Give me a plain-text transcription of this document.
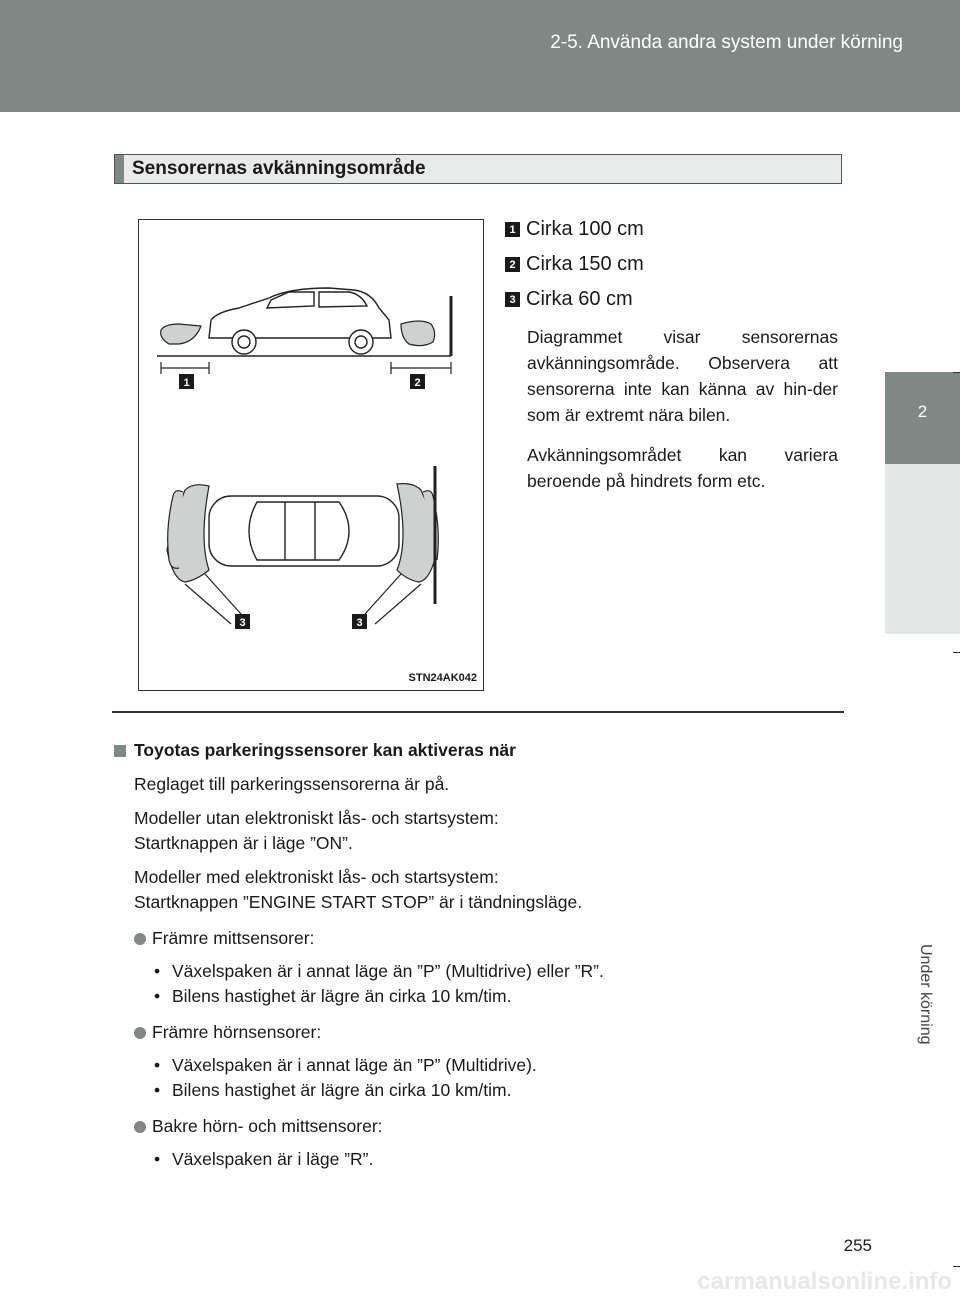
2-5. Använda andra system under körning
2
Under körning
Sensorernas avkänningsområde
1	2
3	3
STN24AK042
1 Cirka 100 cm
2 Cirka 150 cm
3 Cirka 60 cm
Diagrammet visar sensorernas avkänningsområde. Observera att sensorerna inte kan känna av hin-der som är extremt nära bilen.
Avkänningsområdet kan variera beroende på hindrets form etc.
Toyotas parkeringssensorer kan aktiveras när
Reglaget till parkeringssensorerna är på.
Modeller utan elektroniskt lås- och startsystem:
Startknappen är i läge ”ON”.
Modeller med elektroniskt lås- och startsystem:
Startknappen ”ENGINE START STOP” är i tändningsläge.
Främre mittsensorer:
• Växelspaken är i annat läge än ”P” (Multidrive) eller ”R”.
• Bilens hastighet är lägre än cirka 10 km/tim.
Främre hörnsensorer:
• Växelspaken är i annat läge än ”P” (Multidrive).
• Bilens hastighet är lägre än cirka 10 km/tim.
Bakre hörn- och mittsensorer:
• Växelspaken är i läge ”R”.
255
carmanualsonline.info
